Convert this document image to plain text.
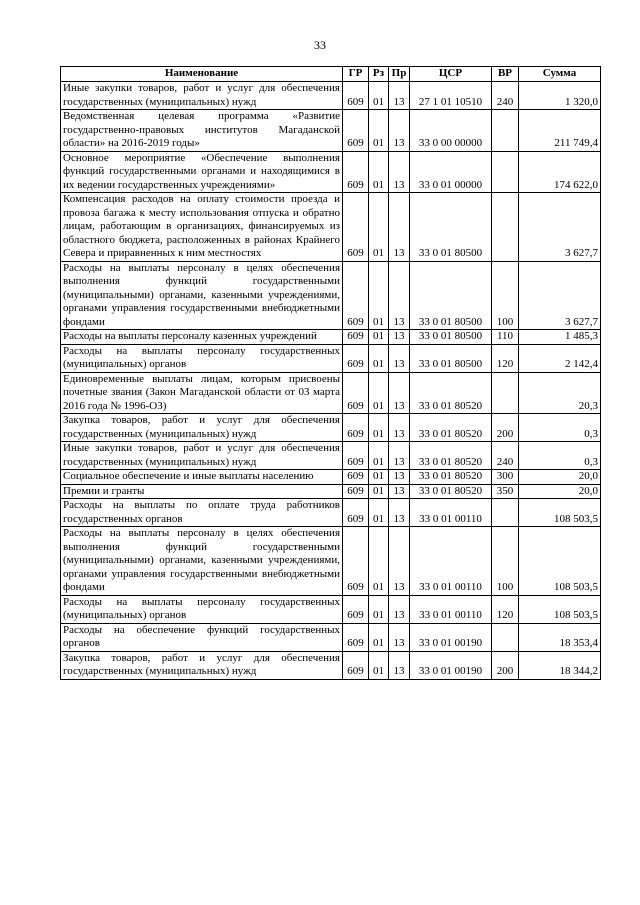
33
Наименование	ГР	Рз	Пр	ЦСР	ВР	Сумма
Иные закупки товаров, работ и услуг для обеспечения государственных (муниципальных) нужд	609	01	13	27 1 01 10510	240	1 320,0
Ведомственная целевая программа «Развитие государственно-правовых институтов Магаданской области» на 2016-2019 годы»	609	01	13	33 0 00 00000		211 749,4
Основное мероприятие «Обеспечение выполнения функций государственными органами и находящимися в их ведении государственных учреждениями»	609	01	13	33 0 01 00000		174 622,0
Компенсация расходов на оплату стоимости проезда и провоза багажа к месту использования отпуска и обратно лицам, работающим в организациях, финансируемых из областного бюджета, расположенных в районах Крайнего Севера и приравненных к ним местностях	609	01	13	33 0 01 80500		3 627,7
Расходы на выплаты персоналу в целях обеспечения выполнения функций государственными (муниципальными) органами, казенными учреждениями, органами управления государственными внебюджетными фондами	609	01	13	33 0 01 80500	100	3 627,7
Расходы на выплаты персоналу казенных учреждений	609	01	13	33 0 01 80500	110	1 485,3
Расходы на выплаты персоналу государственных (муниципальных) органов	609	01	13	33 0 01 80500	120	2 142,4
Единовременные выплаты лицам, которым присвоены почетные звания (Закон Магаданской области от 03 марта 2016 года № 1996-ОЗ)	609	01	13	33 0 01 80520		20,3
Закупка товаров, работ и услуг для обеспечения государственных (муниципальных) нужд	609	01	13	33 0 01 80520	200	0,3
Иные закупки товаров, работ и услуг для обеспечения государственных (муниципальных) нужд	609	01	13	33 0 01 80520	240	0,3
Социальное обеспечение и иные выплаты населению	609	01	13	33 0 01 80520	300	20,0
Премии и гранты	609	01	13	33 0 01 80520	350	20,0
Расходы на выплаты по оплате труда работников государственных органов	609	01	13	33 0 01 00110		108 503,5
Расходы на выплаты персоналу в целях обеспечения выполнения функций государственными (муниципальными) органами, казенными учреждениями, органами управления государственными внебюджетными фондами	609	01	13	33 0 01 00110	100	108 503,5
Расходы на выплаты персоналу государственных (муниципальных) органов	609	01	13	33 0 01 00110	120	108 503,5
Расходы на обеспечение функций государственных органов	609	01	13	33 0 01 00190		18 353,4
Закупка товаров, работ и услуг для обеспечения государственных (муниципальных) нужд	609	01	13	33 0 01 00190	200	18 344,2
